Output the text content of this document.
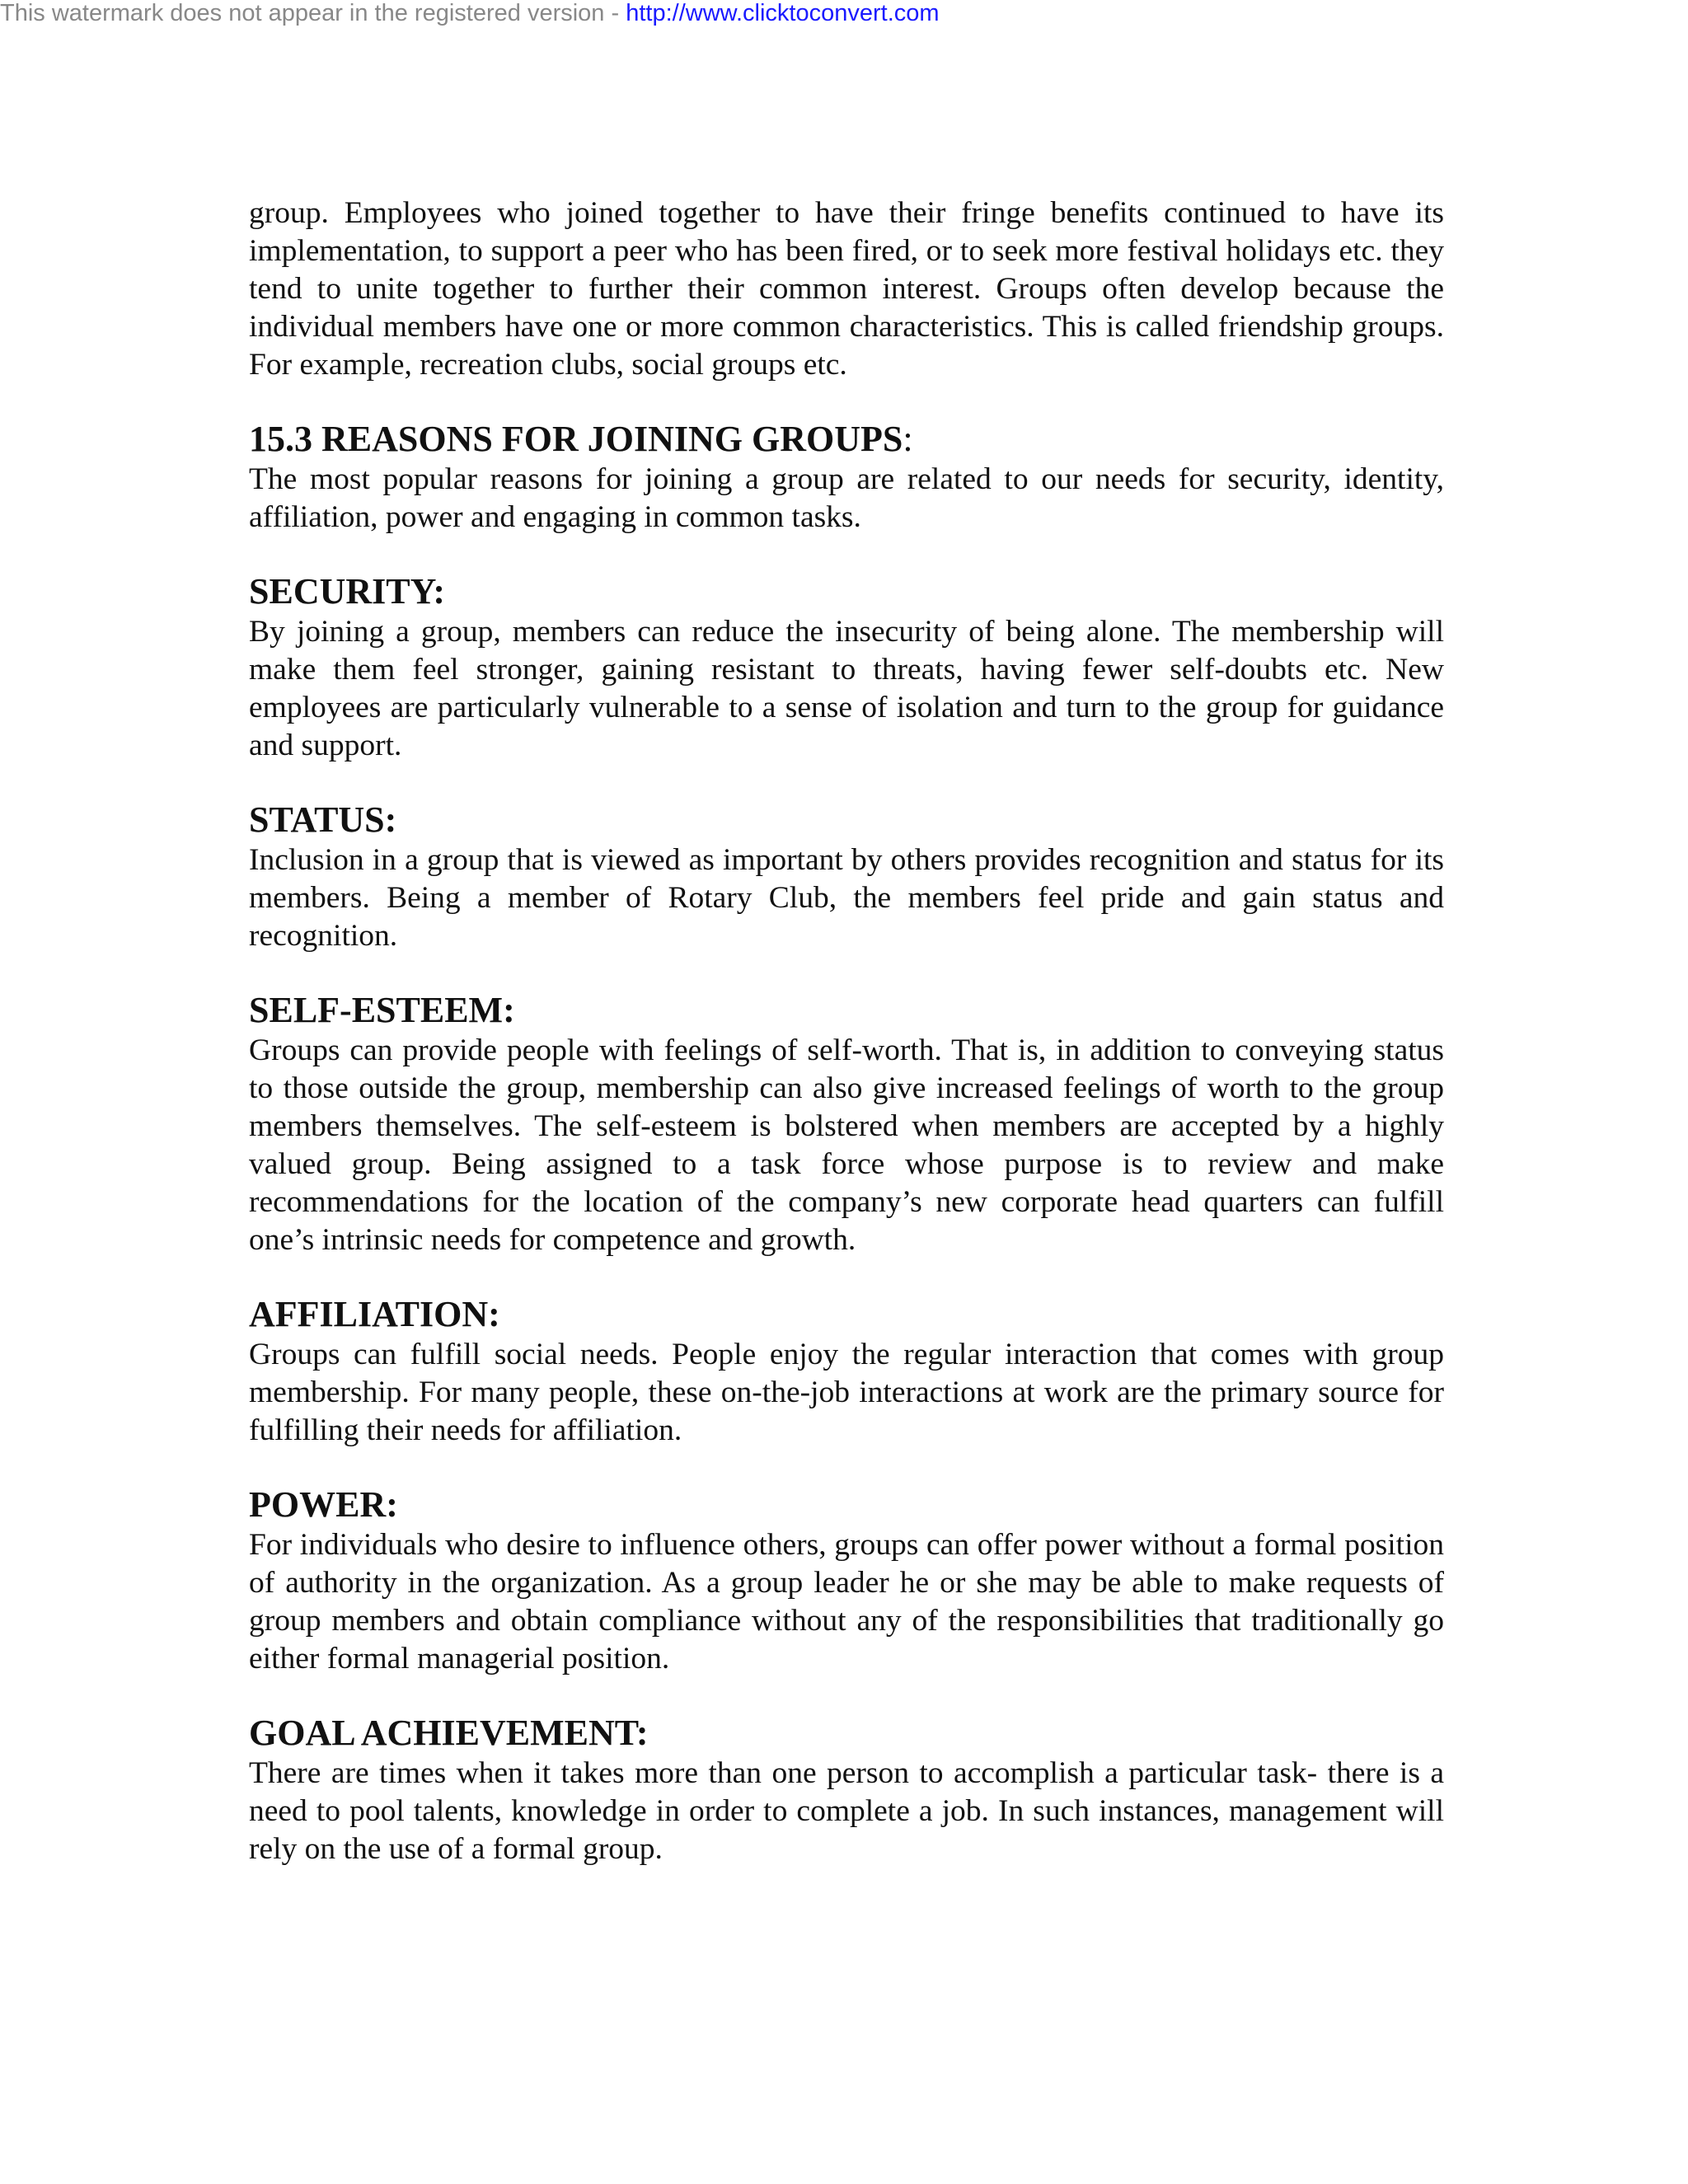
This watermark does not appear in the registered version - http://www.clicktoconvert.com

group. Employees who joined together to have their fringe benefits continued to have its implementation, to support a peer who has been fired, or to seek more festival holidays etc. they tend to unite together to further their common interest. Groups often develop because the individual members have one or more common characteristics. This is called friendship groups. For example, recreation clubs, social groups etc.

15.3 REASONS FOR JOINING GROUPS:

The most popular reasons for joining a group are related to our needs for security, identity, affiliation, power and engaging in common tasks.

SECURITY:

By joining a group, members can reduce the insecurity of being alone. The membership will make them feel stronger, gaining resistant to threats, having fewer self-doubts etc. New employees are particularly vulnerable to a sense of isolation and turn to the group for guidance and support.

STATUS:

Inclusion in a group that is viewed as important by others provides recognition and status for its members. Being a member of Rotary Club, the members feel pride and gain status and recognition.

SELF-ESTEEM:

Groups can provide people with feelings of self-worth. That is, in addition to conveying status to those outside the group, membership can also give increased feelings of worth to the group members themselves. The self-esteem is bolstered when members are accepted by a highly valued group. Being assigned to a task force whose purpose is to review and make recommendations for the location of the company’s new corporate head quarters can fulfill one’s intrinsic needs for competence and growth.

AFFILIATION:

Groups can fulfill social needs. People enjoy the regular interaction that comes with group membership. For many people, these on-the-job interactions at work are the primary source for fulfilling their needs for affiliation.

POWER:

For individuals who desire to influence others, groups can offer power without a formal position of authority in the organization. As a group leader he or she may be able to make requests of group members and obtain compliance without any of the responsibilities that traditionally go either formal managerial position.

GOAL ACHIEVEMENT:

There are times when it takes more than one person to accomplish a particular task- there is a need to pool talents, knowledge in order to complete a job. In such instances, management will rely on the use of a formal group.
